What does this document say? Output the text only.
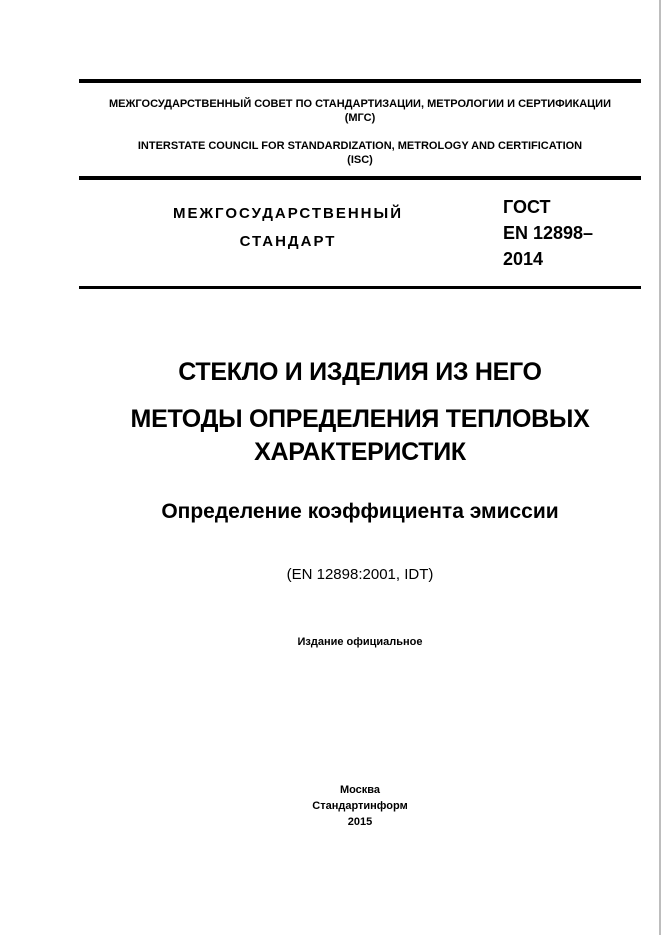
МЕЖГОСУДАРСТВЕННЫЙ СОВЕТ ПО СТАНДАРТИЗАЦИИ, МЕТРОЛОГИИ И СЕРТИФИКАЦИИ
(МГС)
INTERSTATE COUNCIL FOR STANDARDIZATION, METROLOGY AND CERTIFICATION
(ISC)
МЕЖГОСУДАРСТВЕННЫЙ
СТАНДАРТ
ГОСТ
EN 12898–
2014
СТЕКЛО И ИЗДЕЛИЯ ИЗ НЕГО
МЕТОДЫ ОПРЕДЕЛЕНИЯ ТЕПЛОВЫХ
ХАРАКТЕРИСТИК
Определение коэффициента эмиссии
(EN 12898:2001, IDT)
Издание официальное
Москва
Стандартинформ
2015
